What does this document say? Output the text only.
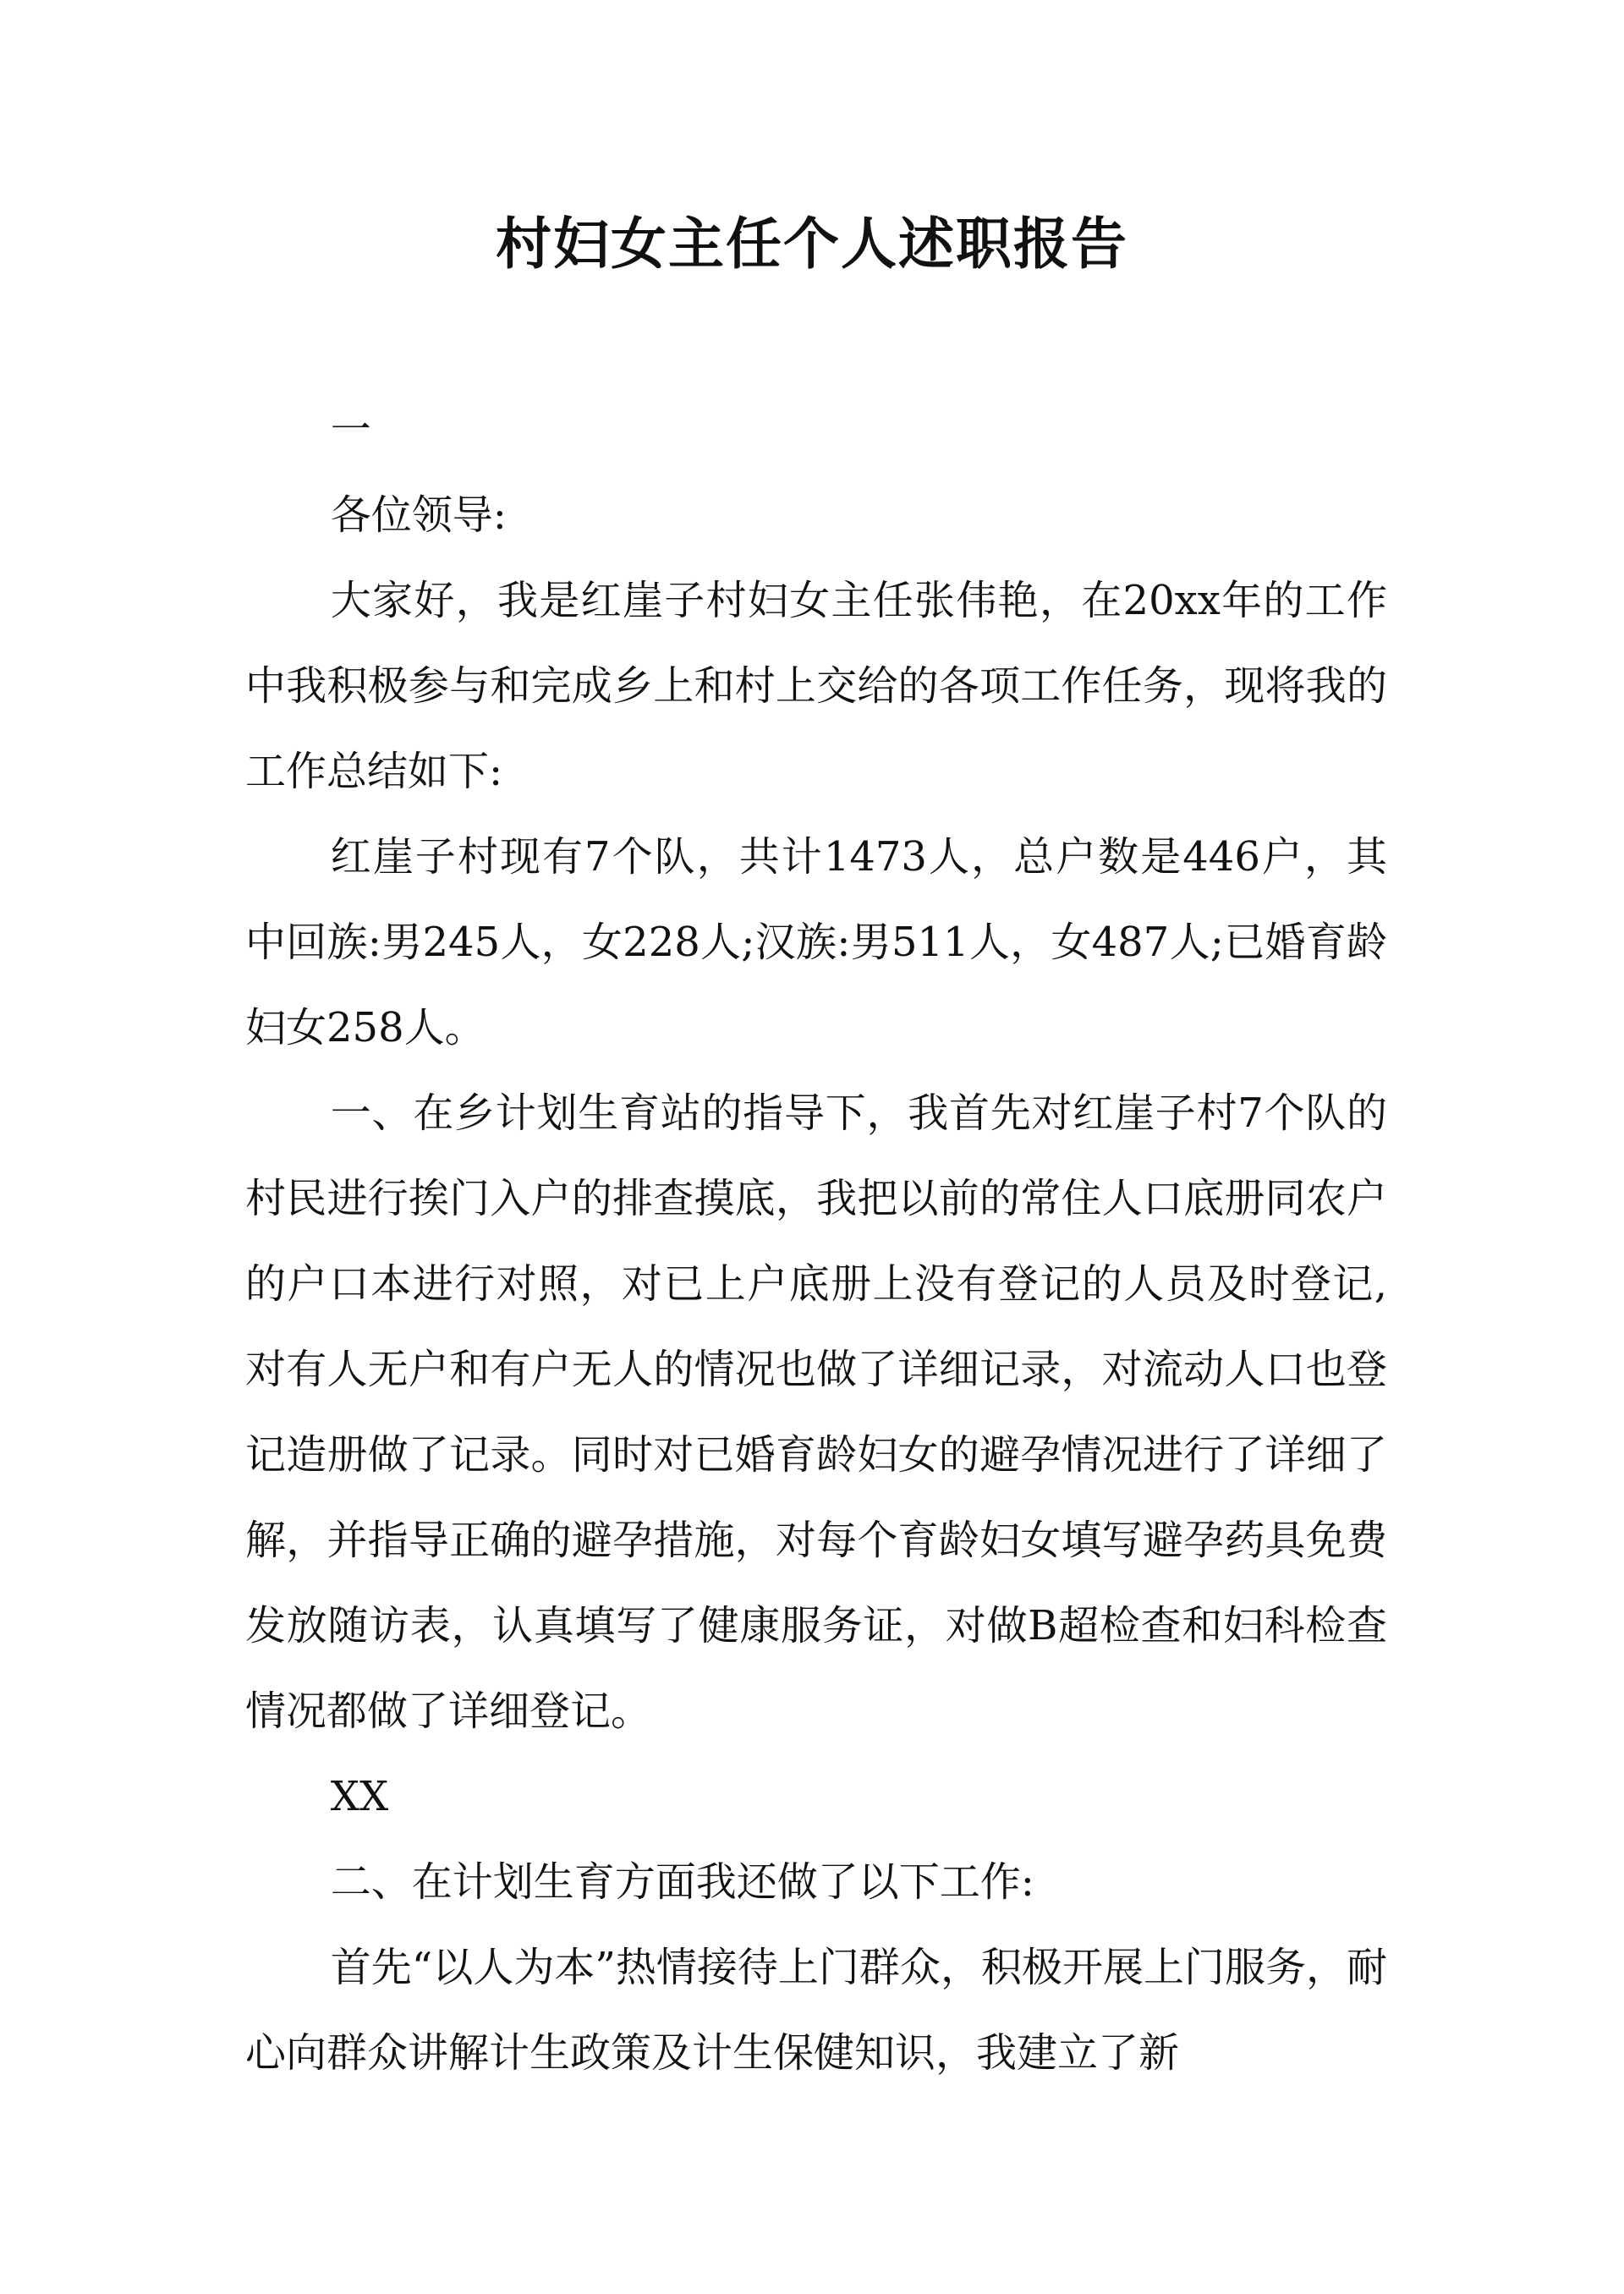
村妇女主任个人述职报告

一

各位领导:

大家好，我是红崖子村妇女主任张伟艳，在20xx年的工作中我积极参与和完成乡上和村上交给的各项工作任务，现将我的工作总结如下:

红崖子村现有7个队，共计1473人，总户数是446户，其中回族:男245人，女228人;汉族:男511人，女487人;已婚育龄妇女258人。

一、在乡计划生育站的指导下，我首先对红崖子村7个队的村民进行挨门入户的排查摸底，我把以前的常住人口底册同农户的户口本进行对照，对已上户底册上没有登记的人员及时登记,对有人无户和有户无人的情况也做了详细记录，对流动人口也登记造册做了记录。同时对已婚育龄妇女的避孕情况进行了详细了解，并指导正确的避孕措施，对每个育龄妇女填写避孕药具免费发放随访表，认真填写了健康服务证，对做B超检查和妇科检查情况都做了详细登记。

XX

二、在计划生育方面我还做了以下工作:

首先“以人为本”热情接待上门群众，积极开展上门服务，耐心向群众讲解计生政策及计生保健知识，我建立了新
